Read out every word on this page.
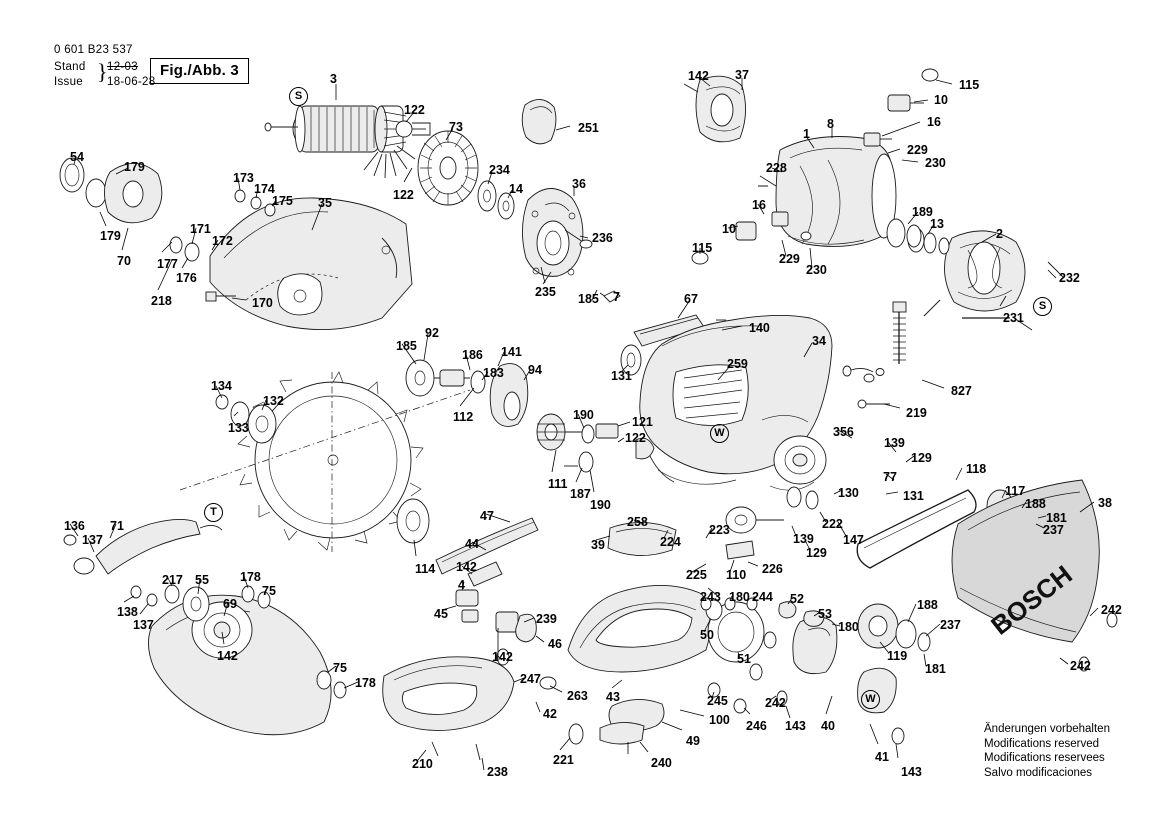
BOSCH
0 601 B23 537
Stand
Issue } 12-03
18-06-28
Fig./Abb. 3
Änderungen vorbehalten
Modifications reserved
Modifications reservees
Salvo modificaciones
3
122
73	251
122
234
14	36
236
235 185 7	67
140
131
259
34
142 37
115
10
16
1
8
229
230
228
16
10
115
229
230
189
13
2
232
231
54
179
179
70 177
176
218
171
172
173
174
175 35
170
185
92
186 141
183 94
112	190	121
122
111
187
190
134
132
133
114
136
137
71
138
137
217 55
69
142
178
75
75
178
47
44
142
4
45	239
46
142
247
263
42
210
238
39	224
258
223
225 110 226
43
221	240
49
100
243 180 244 52
53
180
50
51
245
246
242
143 40
41
143
356
139
129
77
131
130
222
147
139
129
219
827
118
117
188
181
237
38
188
237
119
181
242
242
S
S
W
W
T
